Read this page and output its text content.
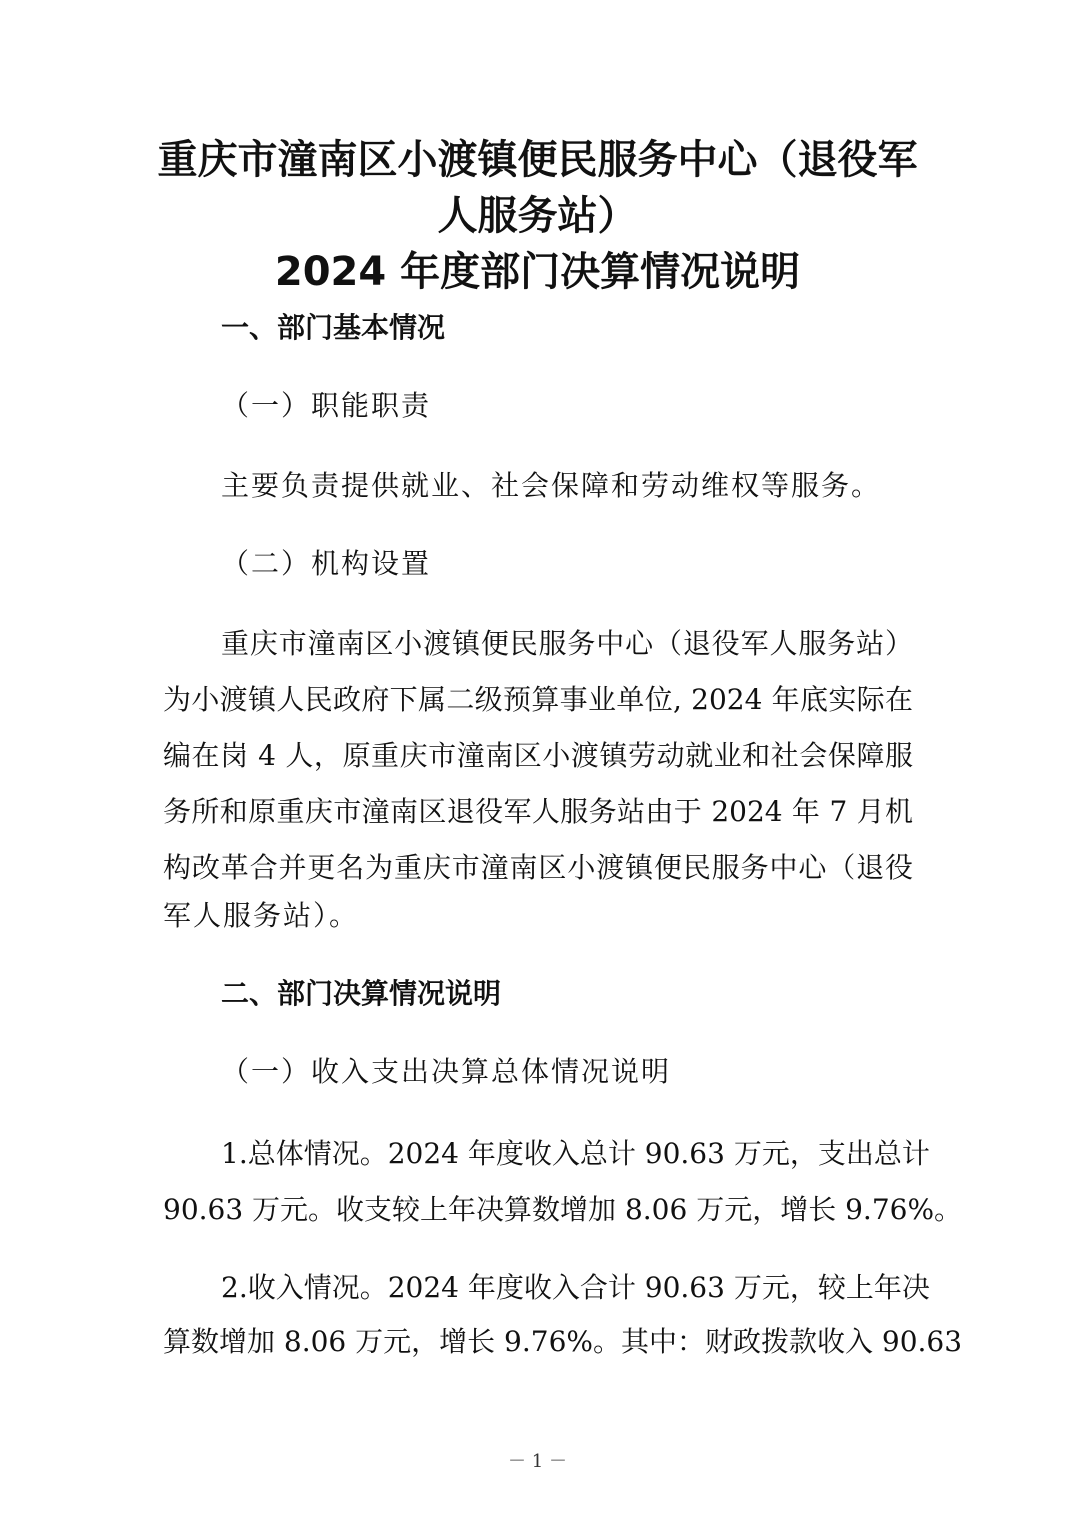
重庆市潼南区小渡镇便民服务中心（退役军
人服务站）
2024 年度部门决算情况说明
一、部门基本情况
（一）职能职责
主要负责提供就业、社会保障和劳动维权等服务。
（二）机构设置
重庆市潼南区小渡镇便民服务中心（退役军人服务站）
为小渡镇人民政府下属二级预算事业单位, 2024 年底实际在
编在岗 4 人，原重庆市潼南区小渡镇劳动就业和社会保障服
务所和原重庆市潼南区退役军人服务站由于 2024 年 7 月机
构改革合并更名为重庆市潼南区小渡镇便民服务中心（退役
军人服务站）。
二、部门决算情况说明
（一）收入支出决算总体情况说明
1.总体情况。2024 年度收入总计 90.63 万元，支出总计
90.63 万元。收支较上年决算数增加 8.06 万元，增长 9.76%。
2.收入情况。2024 年度收入合计 90.63 万元，较上年决
算数增加 8.06 万元，增长 9.76%。其中：财政拨款收入 90.63
－ 1 －
